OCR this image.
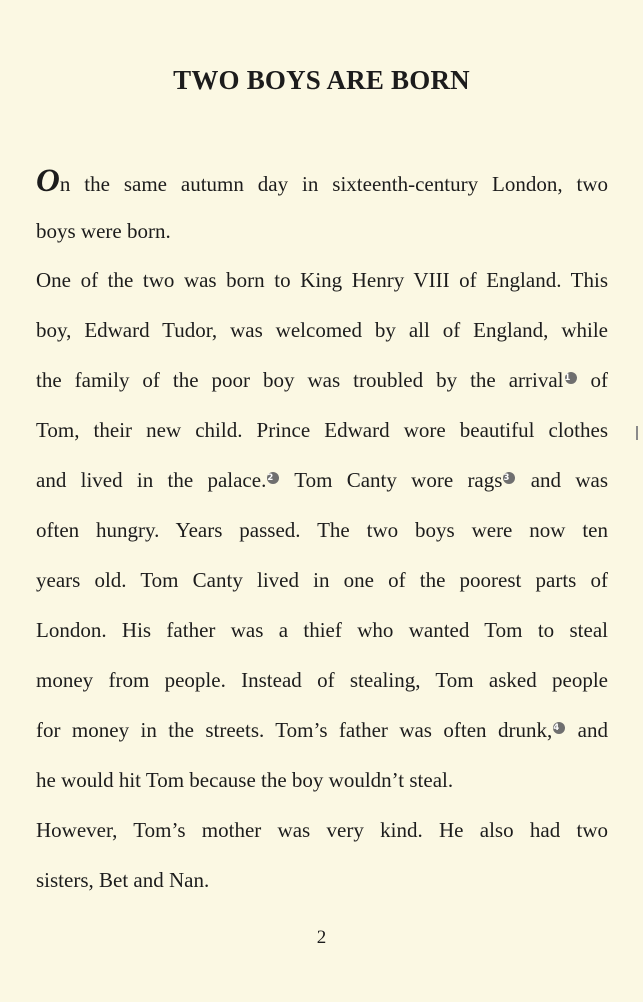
TWO BOYS ARE BORN
On the same autumn day in sixteenth-century London, two
boys were born.
One of the two was born to King Henry VIII of England. This
boy, Edward Tudor, was welcomed by all of England, while
the family of the poor boy was troubled by the arrival1 of
Tom, their new child. Prince Edward wore beautiful clothes
and lived in the palace.2 Tom Canty wore rags3 and was
often hungry. Years passed. The two boys were now ten
years old. Tom Canty lived in one of the poorest parts of
London. His father was a thief who wanted Tom to steal
money from people. Instead of stealing, Tom asked people
for money in the streets. Tom’s father was often drunk,4 and
he would hit Tom because the boy wouldn’t steal.
However, Tom’s mother was very kind. He also had two
sisters, Bet and Nan.
2
